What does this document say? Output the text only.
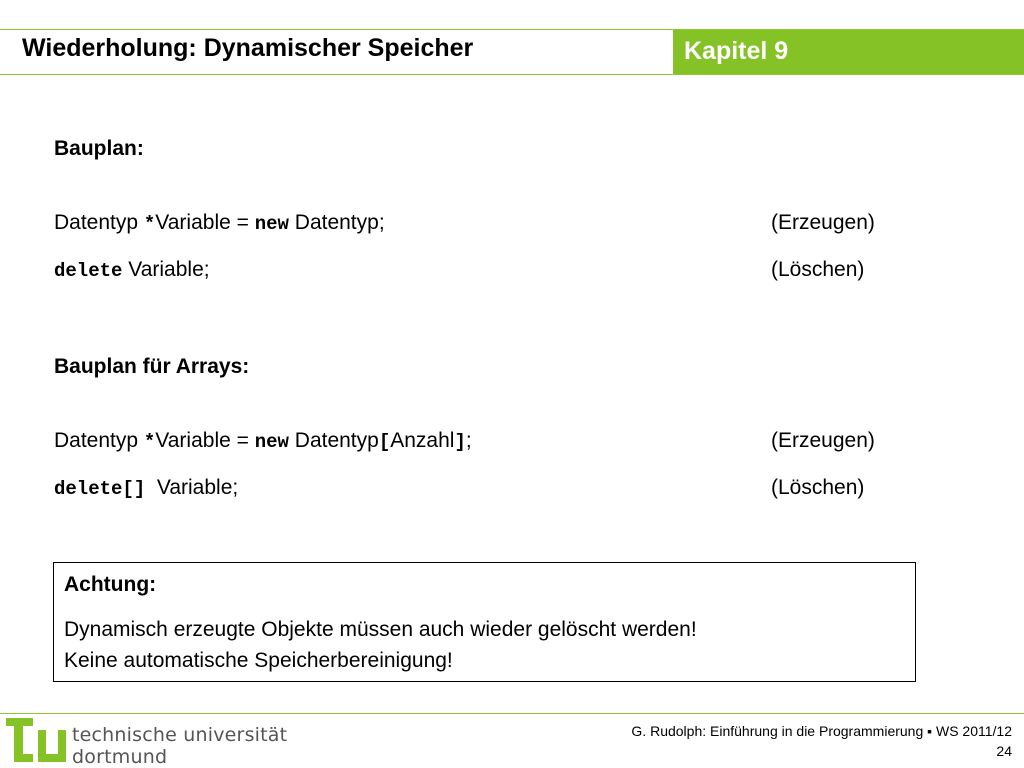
Wiederholung: Dynamischer Speicher	Kapitel 9
Bauplan:
Datentyp *Variable = new Datentyp;	(Erzeugen)
delete Variable;	(Löschen)
Bauplan für Arrays:
Datentyp *Variable = new Datentyp[Anzahl];	(Erzeugen)
delete[]  Variable;	(Löschen)
Achtung:
Dynamisch erzeugte Objekte müssen auch wieder gelöscht werden!
Keine automatische Speicherbereinigung!
technische universität
dortmund
G. Rudolph: Einführung in die Programmierung ▪ WS 2011/12
24
